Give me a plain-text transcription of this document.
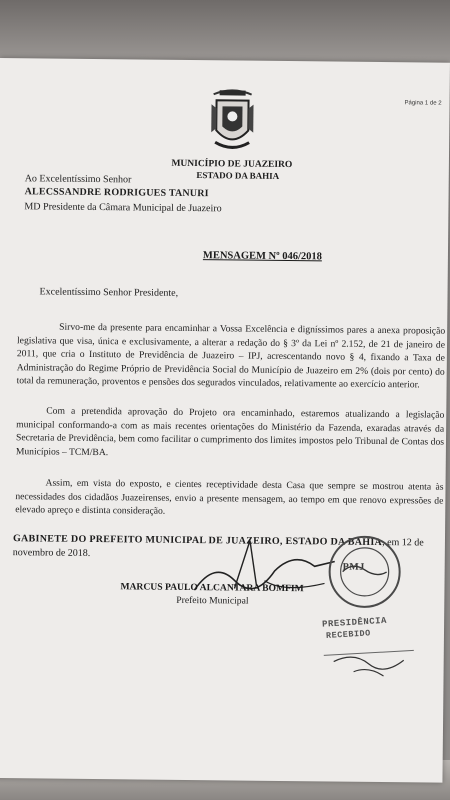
Página 1 de 2
MUNICÍPIO DE JUAZEIRO
ESTADO DA BAHIA
Ao Excelentíssimo Senhor
ALECSSANDRE RODRIGUES TANURI
MD Presidente da Câmara Municipal de Juazeiro
MENSAGEM Nº 046/2018
Excelentíssimo Senhor Presidente,

Sirvo-me da presente para encaminhar a Vossa Excelência e digníssimos pares a anexa proposição legislativa que visa, única e exclusivamente, a alterar a redação do § 3º da Lei nº 2.152, de 21 de janeiro de 2011, que cria o Instituto de Previdência de Juazeiro – IPJ, acrescentando novo § 4, fixando a Taxa de Administração do Regime Próprio de Previdência Social do Município de Juazeiro em 2% (dois por cento) do total da remuneração, proventos e pensões dos segurados vinculados, relativamente ao exercício anterior.

Com a pretendida aprovação do Projeto ora encaminhado, estaremos atualizando a legislação municipal conformando-a com as mais recentes orientações do Ministério da Fazenda, exaradas através da Secretaria de Previdência, bem como facilitar o cumprimento dos limites impostos pelo Tribunal de Contas dos Municípios – TCM/BA.

Assim, em vista do exposto, e cientes receptividade desta Casa que sempre se mostrou atenta às necessidades dos cidadãos Juazeirenses, envio a presente mensagem, ao tempo em que renovo expressões de elevado apreço e distinta consideração.

GABINETE DO PREFEITO MUNICIPAL DE JUAZEIRO, ESTADO DA BAHIA, em 12 de novembro de 2018.

MARCUS PAULO ALCANTARA BOMFIM
Prefeito Municipal
PMJ
PRESIDÊNCIA
RECEBIDO
